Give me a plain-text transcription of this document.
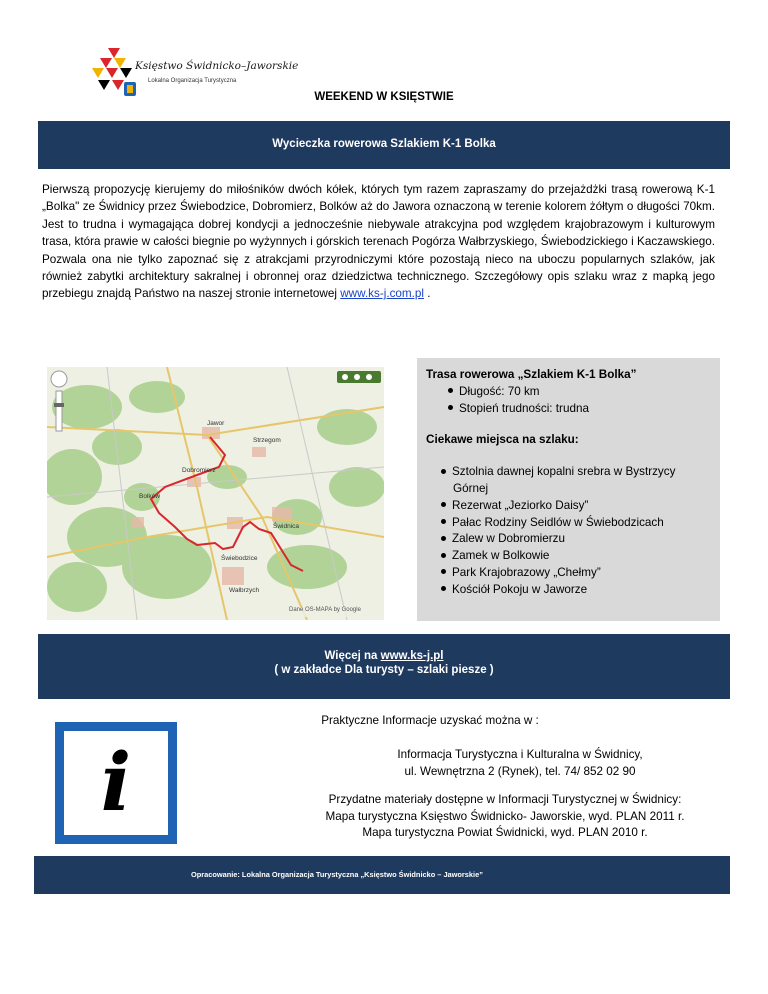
Księstwo Świdnicko–Jaworskie
Lokalna Organizacja Turystyczna
WEEKEND W KSIĘSTWIE
Wycieczka rowerowa Szlakiem K-1 Bolka
Pierwszą propozycję kierujemy do miłośników dwóch kółek, których tym razem zapraszamy do przejażdżki trasą rowerową K-1 „Bolka" ze Świdnicy przez Świebodzice, Dobromierz, Bolków aż do Jawora oznaczoną w terenie kolorem żółtym o długości 70km. Jest to trudna i wymagająca dobrej kondycji a jednocześnie niebywale atrakcyjna pod względem krajobrazowym i kulturowym trasa, która prawie w całości biegnie po wyżynnych i górskich terenach Pogórza Wałbrzyskiego, Świebodzickiego i Kaczawskiego. Pozwala ona nie tylko zapoznać się z atrakcjami przyrodniczymi które pozostają nieco na uboczu popularnych szlaków, jak również zabytki architektury sakralnej i obronnej oraz dziedzictwa technicznego. Szczegółowy opis szlaku wraz z mapką jego przebiegu znajdą Państwo na naszej stronie internetowej www.ks-j.com.pl .
Dane OS-MAPA by Google
Jawor
Bolków
Dobromierz
Świebodzice
Świdnica
Wałbrzych
Strzegom
Trasa rowerowa „Szlakiem K-1 Bolka”
Długość: 70 km
Stopień trudności: trudna
Ciekawe miejsca na szlaku:
Sztolnia dawnej kopalni srebra w Bystrzycy Górnej
Rezerwat „Jeziorko Daisy”
Pałac Rodziny Seidlów w Świebodzicach
Zalew w Dobromierzu
Zamek w Bolkowie
Park Krajobrazowy „Chełmy”
Kościół Pokoju w Jaworze
Więcej na www.ks-j.pl
( w zakładce Dla turysty – szlaki piesze )
i
Praktyczne Informacje uzyskać można w :
Informacja Turystyczna i Kulturalna w Świdnicy,
ul. Wewnętrzna 2 (Rynek), tel. 74/ 852 02 90
Przydatne materiały dostępne w Informacji Turystycznej w Świdnicy:
Mapa turystyczna Księstwo Świdnicko- Jaworskie, wyd. PLAN 2011 r.
Mapa turystyczna Powiat Świdnicki, wyd. PLAN 2010 r.
Opracowanie: Lokalna Organizacja Turystyczna „Księstwo Świdnicko – Jaworskie”
